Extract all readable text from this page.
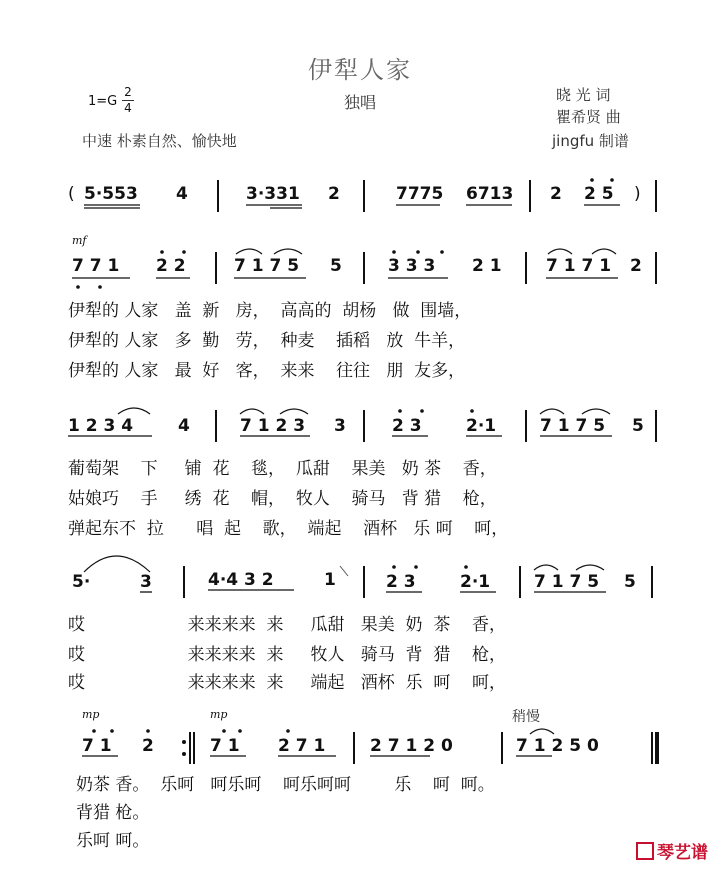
伊犁人家
独唱
1=G
2
4
中速 朴素自然、愉快地
晓 光 词
瞿希贤 曲
jingfu 制谱
( 5·553 4	3·331 2	7775 6713 2 2 5 )
mf
7 7 1 2 2	7 1 7 5 5	3 3 3 2 1	7 1 7 1 2
伊犁的 人家   盖  新   房，  高高的  胡杨   做  围墙，
伊犁的 人家   多  勤   劳，  种麦    插稻   放  牛羊，
伊犁的 人家   最  好   客，  来来    往往   朋  友多，
1 2 3 4	4	7 1 2 3 3	2 3	2·1	7 1 7 5 5
葡萄架    下     铺  花    毯，  瓜甜    果美   奶 茶    香，
姑娘巧    手     绣  花    帽，  牧人    骑马   背 猎    枪，
弹起东不  拉      唱  起    歌，  端起    酒杯   乐 呵    呵，
5·	3	4·4 3 2	1	2 3	2·1	7 1 7 5 5
哎                   来来来来  来     瓜甜   果美  奶  茶    香，
哎                   来来来来  来     牧人   骑马  背  猎    枪，
哎                   来来来来  来     端起   酒杯  乐  呵    呵，
mp	mp	稍慢
7 1 2	7 1 2 7 1	2 7 1 2 0	7 1 2 5 0
奶茶 香。  乐呵   呵乐呵    呵乐呵呵        乐    呵  呵。
背猎 枪。
乐呵 呵。
琴艺谱
